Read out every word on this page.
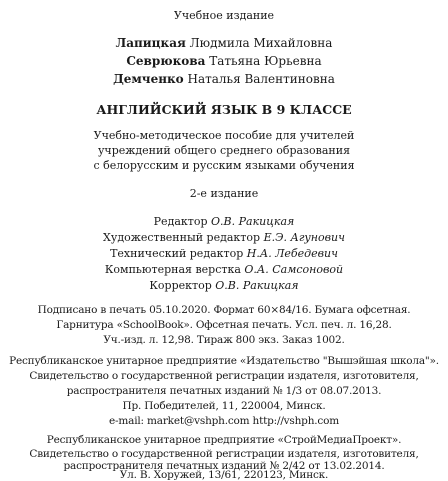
Учебное издание
Лапицкая Людмила Михайловна
Севрюкова Татьяна Юрьевна
Демченко Наталья Валентиновна
АНГЛИЙСКИЙ ЯЗЫК В 9 КЛАССЕ
Учебно-методическое пособие для учителей
учреждений общего среднего образования
с белорусским и русским языками обучения
2-е издание
Редактор О.В. Ракицкая
Художественный редактор Е.Э. Агунович
Технический редактор Н.А. Лебедевич
Компьютерная верстка О.А. Самсоновой
Корректор О.В. Ракицкая
Подписано в печать 05.10.2020. Формат 60×84/16. Бумага офсетная.
Гарнитура «SchoolBook». Офсетная печать. Усл. печ. л. 16,28.
Уч.-изд. л. 12,98. Тираж 800 экз. Заказ 1002.
Республиканское унитарное предприятие «Издательство "Вышэйшая школа"».
Свидетельство о государственной регистрации издателя, изготовителя,
распространителя печатных изданий № 1/3 от 08.07.2013.
Пр. Победителей, 11, 220004, Минск.
e-mail: market@vshph.com http://vshph.com
Республиканское унитарное предприятие «СтройМедиаПроект».
Свидетельство о государственной регистрации издателя, изготовителя,
распространителя печатных изданий № 2/42 от 13.02.2014.
Ул. В. Хоружей, 13/61, 220123, Минск.
